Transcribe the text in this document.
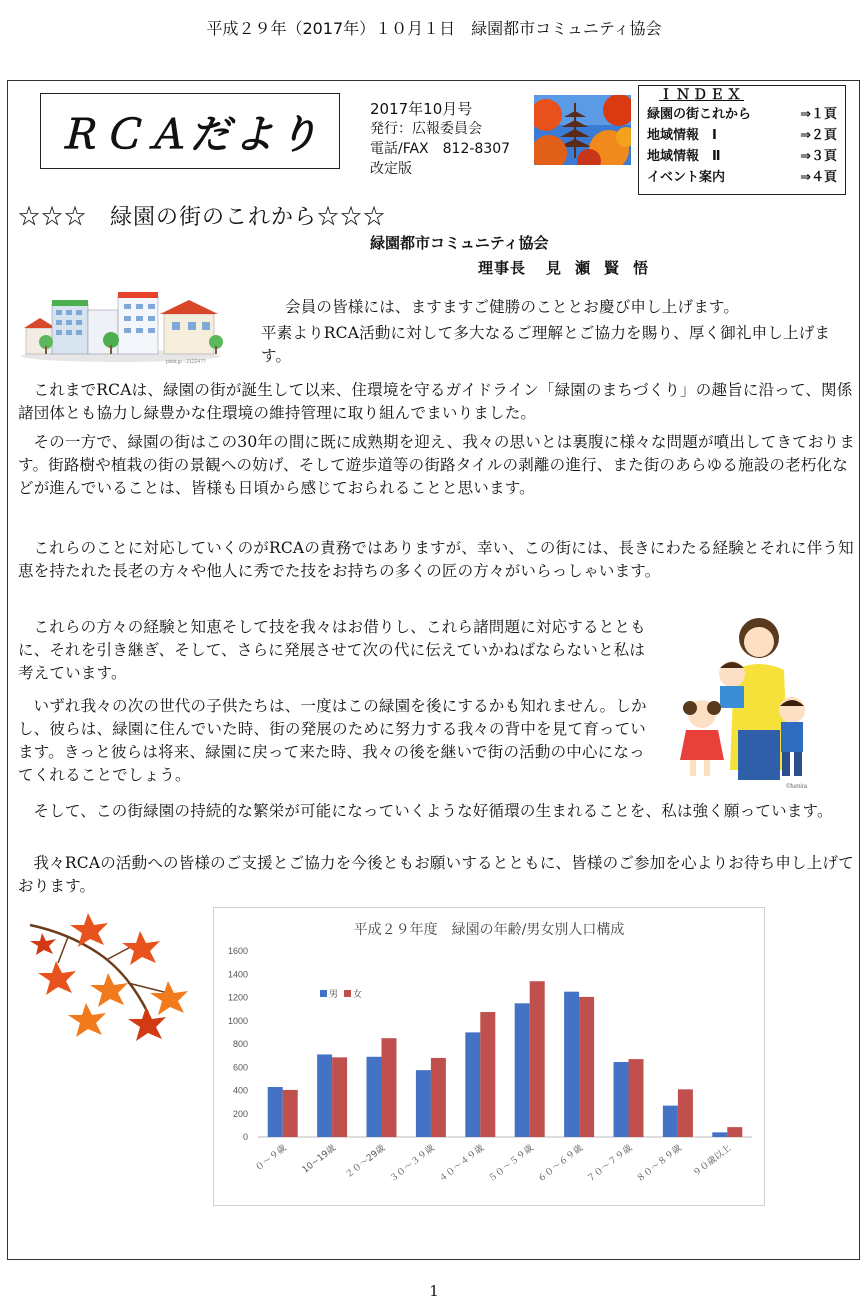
平成２９年（2017年）１０月１日　緑園都市コミュニティ協会
ＲＣＡだより
2017年10月号
発行：広報委員会
電話/FAX　812-8307
改定版
ＩＮＤＥＸ
緑園の街これから	⇒１頁
地域情報　Ⅰ	⇒２頁
地域情報　Ⅱ	⇒３頁
イベント案内	⇒４頁
☆☆☆　緑園の街のこれから☆☆☆
緑園都市コミュニティ協会
理事長 見瀬賢悟
pixta.jp - 21224??

会員の皆様には、ますますご健勝のこととお慶び申し上げます。

平素よりRCA活動に対して多大なるご理解とご協力を賜り、厚く御礼申し上げます。

これまでRCAは、緑園の街が誕生して以来、住環境を守るガイドライン「緑園のまちづくり」の趣旨に沿って、関係諸団体とも協力し緑豊かな住環境の維持管理に取り組んでまいりました。

その一方で、緑園の街はこの30年の間に既に成熟期を迎え、我々の思いとは裏腹に様々な問題が噴出してきております。街路樹や植栽の街の景観への妨げ、そして遊歩道等の街路タイルの剥離の進行、また街のあらゆる施設の老朽化などが進んでいることは、皆様も日頃から感じておられることと思います。

これらのことに対応していくのがRCAの責務ではありますが、幸い、この街には、長きにわたる経験とそれに伴う知恵を持たれた長老の方々や他人に秀でた技をお持ちの多くの匠の方々がいらっしゃいます。

これらの方々の経験と知恵そして技を我々はお借りし、これら諸問題に対応するとともに、それを引き継ぎ、そして、さらに発展させて次の代に伝えていかねばならないと私は考えています。

いずれ我々の次の世代の子供たちは、一度はこの緑園を後にするかも知れません。しかし、彼らは、緑園に住んでいた時、街の発展のために努力する我々の背中を見て育っています。きっと彼らは将来、緑園に戻って来た時、我々の後を継いで街の活動の中心になってくれることでしょう。

そして、この街緑園の持続的な繁栄が可能になっていくような好循環の生まれることを、私は強く願っています。

我々RCAの活動への皆様のご支援とご協力を今後ともお願いするとともに、皆様のご参加を心よりお待ち申し上げております。

©fumira
平成２９年度　緑園の年齢/男女別人口構成
0
200
400
600
800
1000
1200
1400
1600
０～９歳 10~19歳 ２０～29歳 ３０～３９歳 ４０～４９歳 ５０～５９歳 ６０～６９歳 ７０～７９歳 ８０～８９歳 ９０歳以上
男 女
1
